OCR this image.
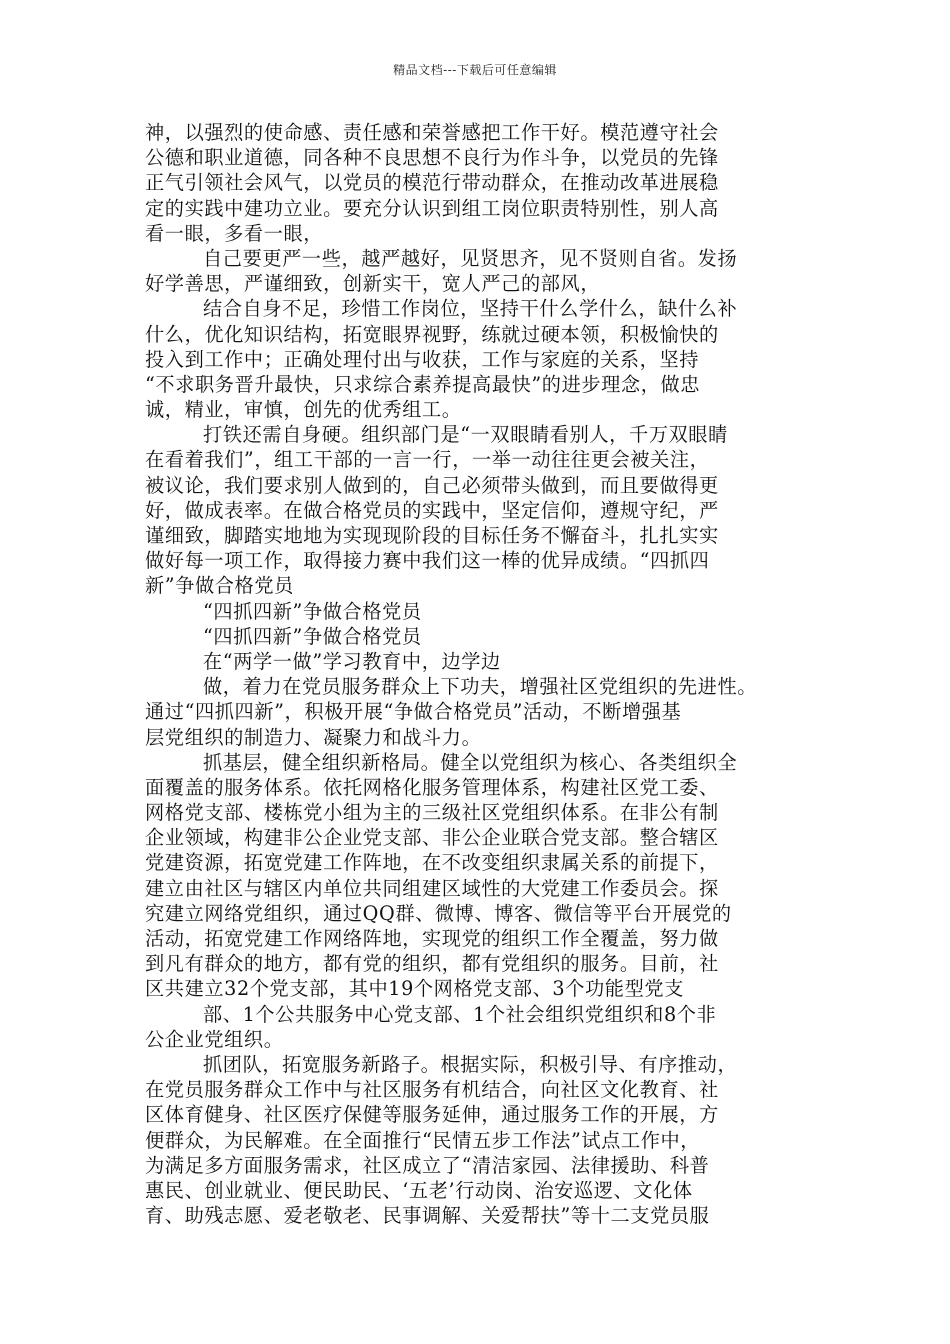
精品文档---下载后可任意编辑
神，以强烈的使命感、责任感和荣誉感把工作干好。模范遵守社会
公德和职业道德，同各种不良思想不良行为作斗争，以党员的先锋
正气引领社会风气，以党员的模范行带动群众，在推动改革进展稳
定的实践中建功立业。要充分认识到组工岗位职责特别性，别人高
看一眼，多看一眼，
自己要更严一些，越严越好，见贤思齐，见不贤则自省。发扬
好学善思，严谨细致，创新实干，宽人严己的部风，
结合自身不足，珍惜工作岗位，坚持干什么学什么，缺什么补
什么，优化知识结构，拓宽眼界视野，练就过硬本领，积极愉快的
投入到工作中；正确处理付出与收获，工作与家庭的关系，坚持
“不求职务晋升最快，只求综合素养提高最快”的进步理念，做忠
诚，精业，审慎，创先的优秀组工。
打铁还需自身硬。组织部门是“一双眼睛看别人，千万双眼睛
在看着我们”，组工干部的一言一行，一举一动往往更会被关注，
被议论，我们要求别人做到的，自己必须带头做到，而且要做得更
好，做成表率。在做合格党员的实践中，坚定信仰，遵规守纪，严
谨细致，脚踏实地地为实现现阶段的目标任务不懈奋斗，扎扎实实
做好每一项工作，取得接力赛中我们这一棒的优异成绩。“四抓四
新”争做合格党员
“四抓四新”争做合格党员
“四抓四新”争做合格党员
在“两学一做”学习教育中，边学边
做，着力在党员服务群众上下功夫，增强社区党组织的先进性。
通过“四抓四新”，积极开展“争做合格党员”活动，不断增强基
层党组织的制造力、凝聚力和战斗力。
抓基层，健全组织新格局。健全以党组织为核心、各类组织全
面覆盖的服务体系。依托网格化服务管理体系，构建社区党工委、
网格党支部、楼栋党小组为主的三级社区党组织体系。在非公有制
企业领域，构建非公企业党支部、非公企业联合党支部。整合辖区
党建资源，拓宽党建工作阵地，在不改变组织隶属关系的前提下，
建立由社区与辖区内单位共同组建区域性的大党建工作委员会。探
究建立网络党组织，通过QQ群、微博、博客、微信等平台开展党的
活动，拓宽党建工作网络阵地，实现党的组织工作全覆盖，努力做
到凡有群众的地方，都有党的组织，都有党组织的服务。目前，社
区共建立32个党支部，其中19个网格党支部、3个功能型党支
部、1个公共服务中心党支部、1个社会组织党组织和8个非
公企业党组织。
抓团队，拓宽服务新路子。根据实际，积极引导、有序推动，
在党员服务群众工作中与社区服务有机结合，向社区文化教育、社
区体育健身、社区医疗保健等服务延伸，通过服务工作的开展，方
便群众，为民解难。在全面推行“民情五步工作法”试点工作中，
为满足多方面服务需求，社区成立了“清洁家园、法律援助、科普
惠民、创业就业、便民助民、‘五老’行动岗、治安巡逻、文化体
育、助残志愿、爱老敬老、民事调解、关爱帮扶”等十二支党员服
